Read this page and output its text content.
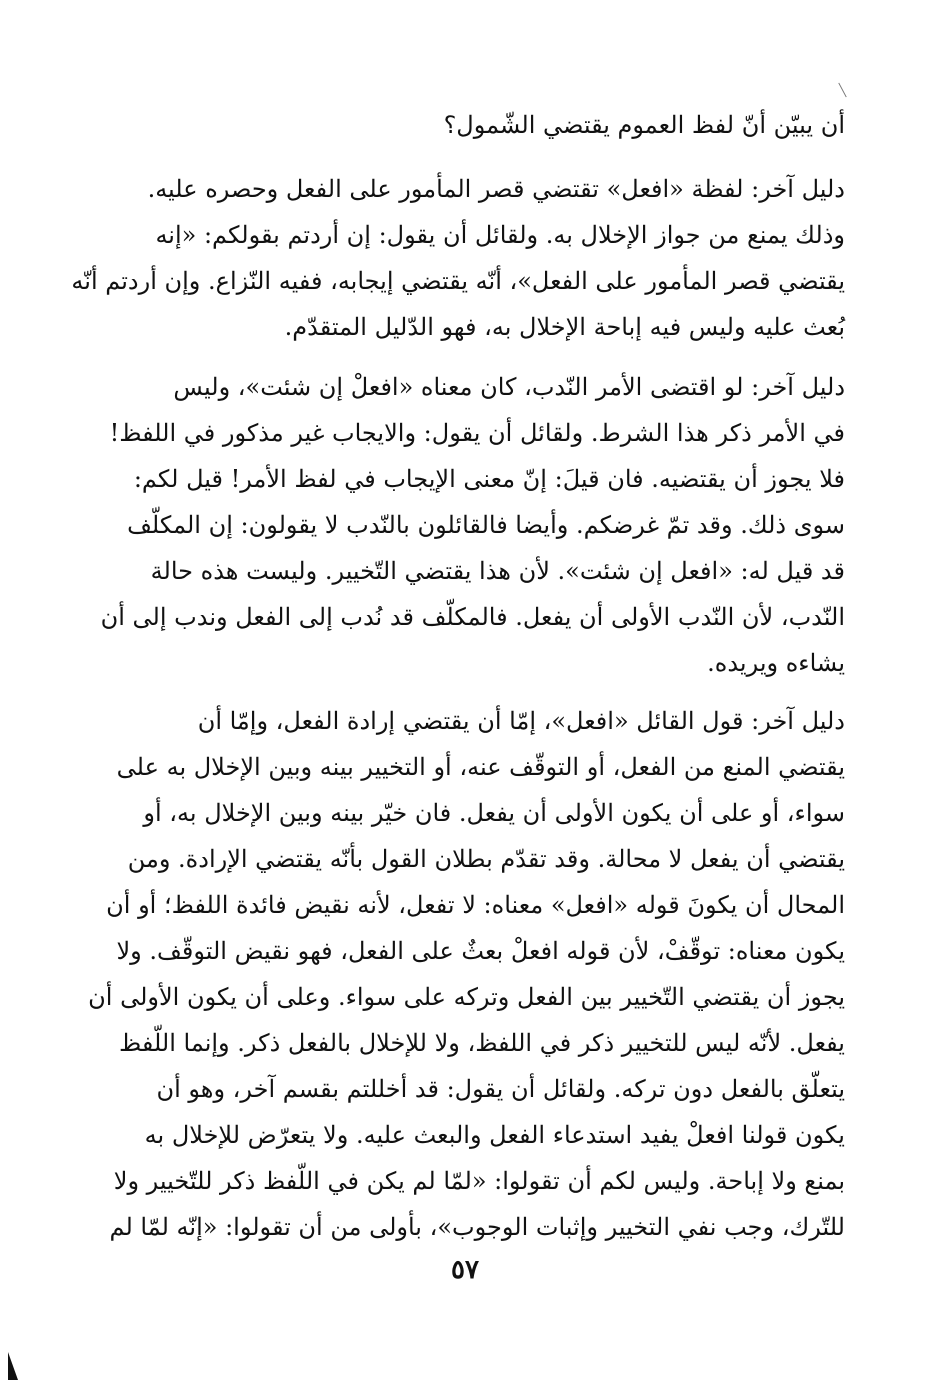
أن يبيّن أنّ لفظ العموم يقتضي الشّمول؟
دليل آخر: لفظة «افعل» تقتضي قصر المأمور على الفعل وحصره عليه.
وذلك يمنع من جواز الإخلال به. ولقائل أن يقول: إن أردتم بقولكم: «إنه
يقتضي قصر المأمور على الفعل»، أنّه يقتضي إيجابه، ففيه النّزاع. وإن أردتم أنّه
بُعث عليه وليس فيه إباحة الإخلال به، فهو الدّليل المتقدّم.
دليل آخر: لو اقتضى الأمر النّدب، كان معناه «افعلْ إن شئت»، وليس
في الأمر ذكر هذا الشرط. ولقائل أن يقول: والايجاب غير مذكور في اللفظ!
فلا يجوز أن يقتضيه. فان قيلَ: إنّ معنى الإيجاب في لفظ الأمر! قيل لكم:
سوى ذلك. وقد تمّ غرضكم. وأيضا فالقائلون بالنّدب لا يقولون: إن المكلّف
قد قيل له: «افعل إن شئت». لأن هذا يقتضي التّخيير. وليست هذه حالة
النّدب، لأن النّدب الأولى أن يفعل. فالمكلّف قد نُدب إلى الفعل وندب إلى أن
يشاءه ويريده.
دليل آخر: قول القائل «افعل»، إمّا أن يقتضي إرادة الفعل، وإمّا أن
يقتضي المنع من الفعل، أو التوقّف عنه، أو التخيير بينه وبين الإخلال به على
سواء، أو على أن يكون الأولى أن يفعل. فان خيّر بينه وبين الإخلال به، أو
يقتضي أن يفعل لا محالة. وقد تقدّم بطلان القول بأنّه يقتضي الإرادة. ومن
المحال أن يكونَ قوله «افعل» معناه: لا تفعل، لأنه نقيض فائدة اللفظ؛ أو أن
يكون معناه: توقّفْ، لأن قوله افعلْ بعثٌ على الفعل، فهو نقيض التوقّف. ولا
يجوز أن يقتضي التّخيير بين الفعل وتركه على سواء. وعلى أن يكون الأولى أن
يفعل. لأنّه ليس للتخيير ذكر في اللفظ، ولا للإخلال بالفعل ذكر. وإنما اللّفظ
يتعلّق بالفعل دون تركه. ولقائل أن يقول: قد أخللتم بقسم آخر، وهو أن
يكون قولنا افعلْ يفيد استدعاء الفعل والبعث عليه. ولا يتعرّض للإخلال به
بمنع ولا إباحة. وليس لكم أن تقولوا: «لمّا لم يكن في اللّفظ ذكر للتّخيير ولا
للتّرك، وجب نفي التخيير وإثبات الوجوب»، بأولى من أن تقولوا: «إنّه لمّا لم
٥٧
